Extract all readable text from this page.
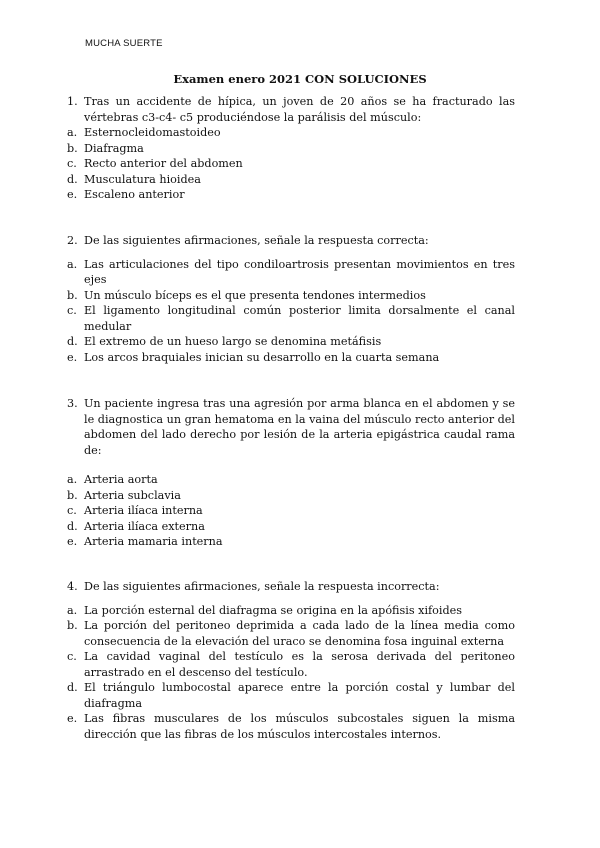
MUCHA SUERTE
Examen enero 2021 CON SOLUCIONES
1. Tras un accidente de hípica, un joven de 20 años se ha fracturado las vértebras c3-c4- c5 produciéndose la parálisis del músculo:
a. Esternocleidomastoideo
b. Diafragma
c. Recto anterior del abdomen
d. Musculatura hioidea
e. Escaleno anterior
2. De las siguientes afirmaciones, señale la respuesta correcta:
a. Las articulaciones del tipo condiloartrosis presentan movimientos en tres ejes
b. Un músculo bíceps es el que presenta tendones intermedios
c. El ligamento longitudinal común posterior limita dorsalmente el canal medular
d. El extremo de un hueso largo se denomina metáfisis
e. Los arcos braquiales inician su desarrollo en la cuarta semana
3. Un paciente ingresa tras una agresión por arma blanca en el abdomen y se le diagnostica un gran hematoma en la vaina del músculo recto anterior del abdomen del lado derecho por lesión de la arteria epigástrica caudal rama de:
a. Arteria aorta
b. Arteria subclavia
c. Arteria ilíaca interna
d. Arteria ilíaca externa
e. Arteria mamaria interna
4. De las siguientes afirmaciones, señale la respuesta incorrecta:
a. La porción esternal del diafragma se origina en la apófisis xifoides
b. La porción del peritoneo deprimida a cada lado de la línea media como consecuencia de la elevación del uraco se denomina fosa inguinal externa
c. La cavidad vaginal del testículo es la serosa derivada del peritoneo arrastrado en el descenso del testículo.
d. El triángulo lumbocostal aparece entre la porción costal y lumbar del diafragma
e. Las fibras musculares de los músculos subcostales siguen la misma dirección que las fibras de los músculos intercostales internos.
